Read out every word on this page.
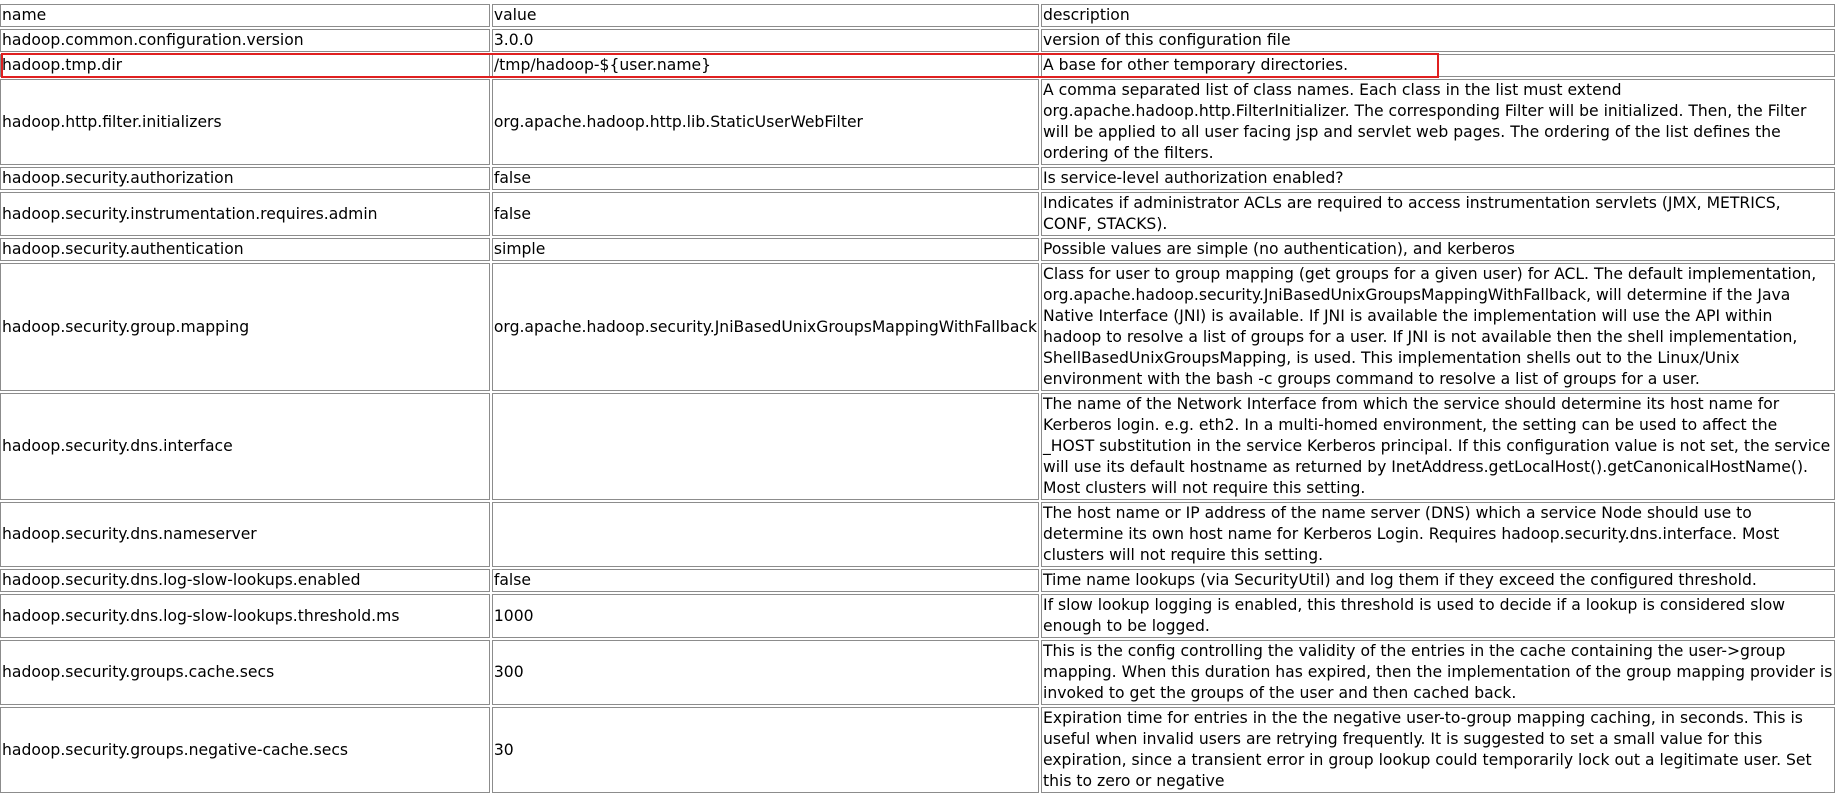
name	value	description
hadoop.common.configuration.version	3.0.0	version of this configuration file

hadoop.tmp.dir	/tmp/hadoop-${user.name}	A base for other temporary directories.

hadoop.http.filter.initializers	org.apache.hadoop.http.lib.StaticUserWebFilter	A comma separated list of class names. Each class in the list must extend org.apache.hadoop.http.FilterInitializer. The corresponding Filter will be initialized. Then, the Filter will be applied to all user facing jsp and servlet web pages. The ordering of the list defines the ordering of the filters.

hadoop.security.authorization	false	Is service-level authorization enabled?

hadoop.security.instrumentation.requires.admin	false	Indicates if administrator ACLs are required to access instrumentation servlets (JMX, METRICS, CONF, STACKS).

hadoop.security.authentication	simple	Possible values are simple (no authentication), and kerberos

hadoop.security.group.mapping	org.apache.hadoop.security.JniBasedUnixGroupsMappingWithFallback	Class for user to group mapping (get groups for a given user) for ACL. The default implementation, org.apache.hadoop.security.JniBasedUnixGroupsMappingWithFallback, will determine if the Java Native Interface (JNI) is available. If JNI is available the implementation will use the API within hadoop to resolve a list of groups for a user. If JNI is not available then the shell implementation, ShellBasedUnixGroupsMapping, is used. This implementation shells out to the Linux/Unix environment with the bash -c groups command to resolve a list of groups for a user.

hadoop.security.dns.interface		The name of the Network Interface from which the service should determine its host name for Kerberos login. e.g. eth2. In a multi-homed environment, the setting can be used to affect the _HOST substitution in the service Kerberos principal. If this configuration value is not set, the service will use its default hostname as returned by InetAddress.getLocalHost().getCanonicalHostName(). Most clusters will not require this setting.

hadoop.security.dns.nameserver		The host name or IP address of the name server (DNS) which a service Node should use to determine its own host name for Kerberos Login. Requires hadoop.security.dns.interface. Most clusters will not require this setting.

hadoop.security.dns.log-slow-lookups.enabled	false	Time name lookups (via SecurityUtil) and log them if they exceed the configured threshold.

hadoop.security.dns.log-slow-lookups.threshold.ms	1000	If slow lookup logging is enabled, this threshold is used to decide if a lookup is considered slow enough to be logged.

hadoop.security.groups.cache.secs	300	This is the config controlling the validity of the entries in the cache containing the user->group mapping. When this duration has expired, then the implementation of the group mapping provider is invoked to get the groups of the user and then cached back.

hadoop.security.groups.negative-cache.secs	30	Expiration time for entries in the the negative user-to-group mapping caching, in seconds. This is useful when invalid users are retrying frequently. It is suggested to set a small value for this expiration, since a transient error in group lookup could temporarily lock out a legitimate user. Set this to zero or negative
